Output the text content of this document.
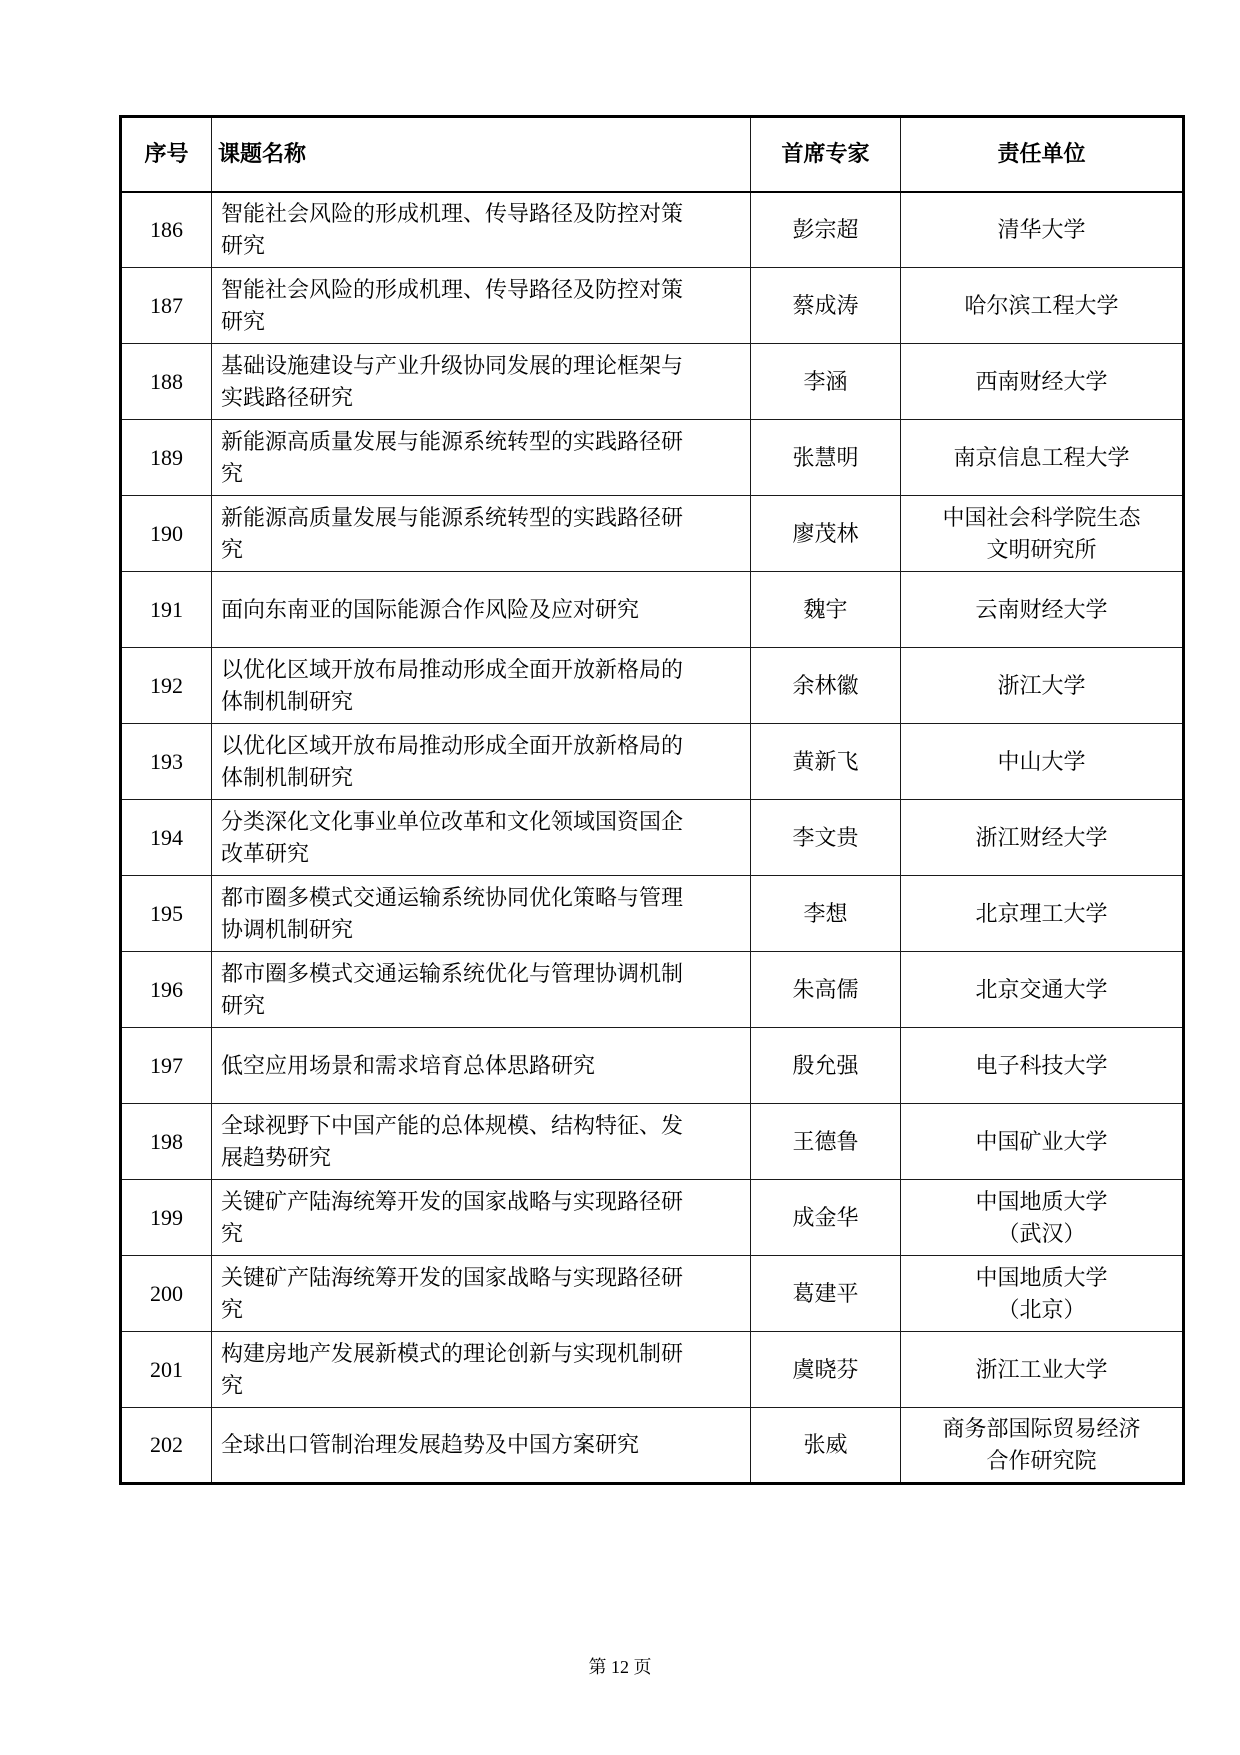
序号	课题名称	首席专家	责任单位
186	智能社会风险的形成机理、传导路径及防控对策
研究	彭宗超	清华大学
187	智能社会风险的形成机理、传导路径及防控对策
研究	蔡成涛	哈尔滨工程大学
188	基础设施建设与产业升级协同发展的理论框架与
实践路径研究	李涵	西南财经大学
189	新能源高质量发展与能源系统转型的实践路径研
究	张慧明	南京信息工程大学
190	新能源高质量发展与能源系统转型的实践路径研
究	廖茂林	中国社会科学院生态
文明研究所
191	面向东南亚的国际能源合作风险及应对研究	魏宇	云南财经大学
192	以优化区域开放布局推动形成全面开放新格局的
体制机制研究	余林徽	浙江大学
193	以优化区域开放布局推动形成全面开放新格局的
体制机制研究	黄新飞	中山大学
194	分类深化文化事业单位改革和文化领域国资国企
改革研究	李文贵	浙江财经大学
195	都市圈多模式交通运输系统协同优化策略与管理
协调机制研究	李想	北京理工大学
196	都市圈多模式交通运输系统优化与管理协调机制
研究	朱高儒	北京交通大学
197	低空应用场景和需求培育总体思路研究	殷允强	电子科技大学
198	全球视野下中国产能的总体规模、结构特征、发
展趋势研究	王德鲁	中国矿业大学
199	关键矿产陆海统筹开发的国家战略与实现路径研
究	成金华	中国地质大学
（武汉）
200	关键矿产陆海统筹开发的国家战略与实现路径研
究	葛建平	中国地质大学
（北京）
201	构建房地产发展新模式的理论创新与实现机制研
究	虞晓芬	浙江工业大学
202	全球出口管制治理发展趋势及中国方案研究	张威	商务部国际贸易经济
合作研究院
第 12 页
